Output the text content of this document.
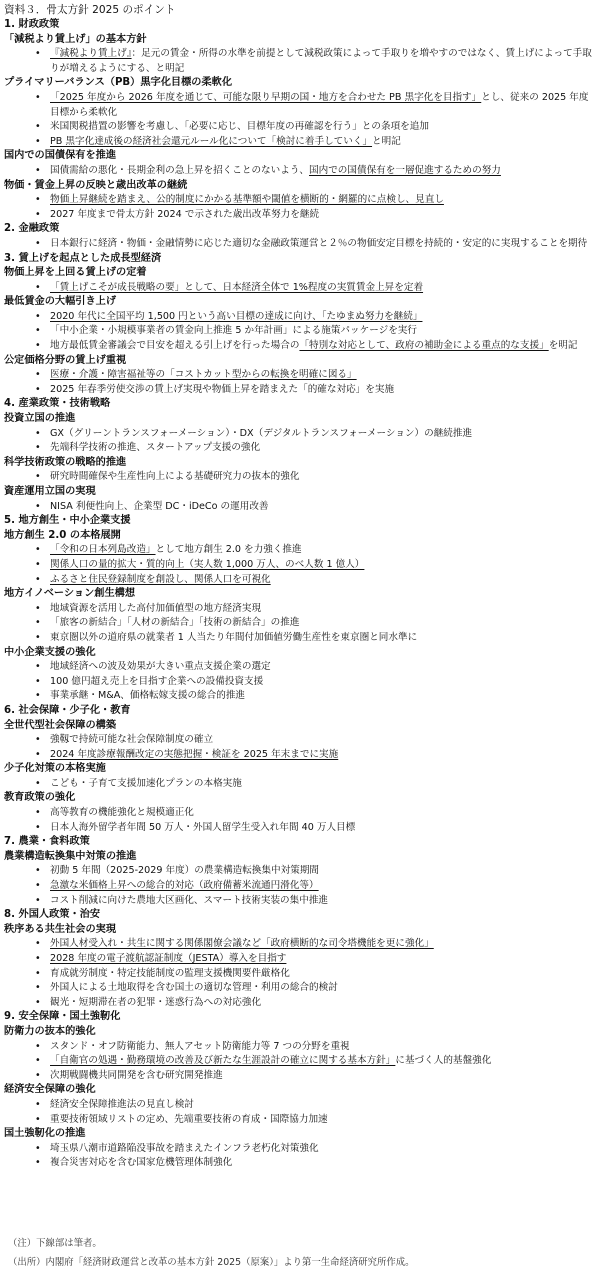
資料３．骨太方針 2025 のポイント
1. 財政政策
「減税より賃上げ」の基本方針
• 『減税より賃上げ』：足元の賃金・所得の水準を前提として減税政策によって手取りを増やすのではなく、賃上げによって手取りが増えるようにする、と明記
プライマリーバランス（PB）黒字化目標の柔軟化
• 「2025 年度から 2026 年度を通じて、可能な限り早期の国・地方を合わせた PB 黒字化を目指す」とし、従来の 2025 年度目標から柔軟化
• 米国関税措置の影響を考慮し、「必要に応じ、目標年度の再確認を行う」との条項を追加
• PB 黒字化達成後の経済社会還元ルール化について「検討に着手していく」と明記
国内での国債保有を推進
• 国債需給の悪化・長期金利の急上昇を招くことのないよう、国内での国債保有を一層促進するための努力
物価・賃金上昇の反映と歳出改革の継続
• 物価上昇継続を踏まえ、公的制度にかかる基準額や閾値を横断的・網羅的に点検し、見直し
• 2027 年度まで骨太方針 2024 で示された歳出改革努力を継続
2. 金融政策
• 日本銀行に経済・物価・金融情勢に応じた適切な金融政策運営と２％の物価安定目標を持続的・安定的に実現することを期待
3. 賃上げを起点とした成長型経済
物価上昇を上回る賃上げの定着
• 「賃上げこそが成長戦略の要」として、日本経済全体で 1%程度の実質賃金上昇を定着
最低賃金の大幅引き上げ
• 2020 年代に全国平均 1,500 円という高い目標の達成に向け、「たゆまぬ努力を継続」
• 「中小企業・小規模事業者の賃金向上推進 5 か年計画」による施策パッケージを実行
• 地方最低賃金審議会で目安を超える引上げを行った場合の「特別な対応として、政府の補助金による重点的な支援」を明記
公定価格分野の賃上げ重視
• 医療・介護・障害福祉等の「コストカット型からの転換を明確に図る」
• 2025 年春季労使交渉の賃上げ実現や物価上昇を踏まえた「的確な対応」を実施
4. 産業政策・技術戦略
投資立国の推進
• GX（グリーントランスフォーメーション）・DX（デジタルトランスフォーメーション）の継続推進
• 先端科学技術の推進、スタートアップ支援の強化
科学技術政策の戦略的推進
• 研究時間確保や生産性向上による基礎研究力の抜本的強化
資産運用立国の実現
• NISA 利便性向上、企業型 DC・iDeCo の運用改善
5. 地方創生・中小企業支援
地方創生 2.0 の本格展開
• 「令和の日本列島改造」として地方創生 2.0 を力強く推進
• 関係人口の量的拡大・質的向上（実人数 1,000 万人、のべ人数 1 億人）
• ふるさと住民登録制度を創設し、関係人口を可視化
地方イノベーション創生構想
• 地域資源を活用した高付加価値型の地方経済実現
• 「旅客の新結合」「人材の新結合」「技術の新結合」の推進
• 東京圏以外の道府県の就業者 1 人当たり年間付加価値労働生産性を東京圏と同水準に
中小企業支援の強化
• 地域経済への波及効果が大きい重点支援企業の選定
• 100 億円超え売上を目指す企業への設備投資支援
• 事業承継・M&A、価格転嫁支援の総合的推進
6. 社会保障・少子化・教育
全世代型社会保障の構築
• 強靱で持続可能な社会保障制度の確立
• 2024 年度診療報酬改定の実態把握・検証を 2025 年末までに実施
少子化対策の本格実施
• こども・子育て支援加速化プランの本格実施
教育政策の強化
• 高等教育の機能強化と規模適正化
• 日本人海外留学者年間 50 万人・外国人留学生受入れ年間 40 万人目標
7. 農業・食料政策
農業構造転換集中対策の推進
• 初動 5 年間（2025-2029 年度）の農業構造転換集中対策期間
• 急激な米価格上昇への総合的対応（政府備蓄米流通円滑化等）
• コスト削減に向けた農地大区画化、スマート技術実装の集中推進
8. 外国人政策・治安
秩序ある共生社会の実現
• 外国人材受入れ・共生に関する関係閣僚会議など「政府横断的な司令塔機能を更に強化」
• 2028 年度の電子渡航認証制度（JESTA）導入を目指す
• 育成就労制度・特定技能制度の監理支援機関要件厳格化
• 外国人による土地取得を含む国土の適切な管理・利用の総合的検討
• 観光・短期滞在者の犯罪・迷惑行為への対応強化
9. 安全保障・国土強靭化
防衛力の抜本的強化
• スタンド・オフ防衛能力、無人アセット防衛能力等 7 つの分野を重視
• 「自衛官の処遇・勤務環境の改善及び新たな生涯設計の確立に関する基本方針」に基づく人的基盤強化
• 次期戦闘機共同開発を含む研究開発推進
経済安全保障の強化
• 経済安全保障推進法の見直し検討
• 重要技術領域リストの定め、先端重要技術の育成・国際協力加速
国土強靭化の推進
• 埼玉県八潮市道路陥没事故を踏まえたインフラ老朽化対策強化
• 複合災害対応を含む国家危機管理体制強化
（注）下線部は筆者。
（出所）内閣府「経済財政運営と改革の基本方針 2025（原案）」より第一生命経済研究所作成。
